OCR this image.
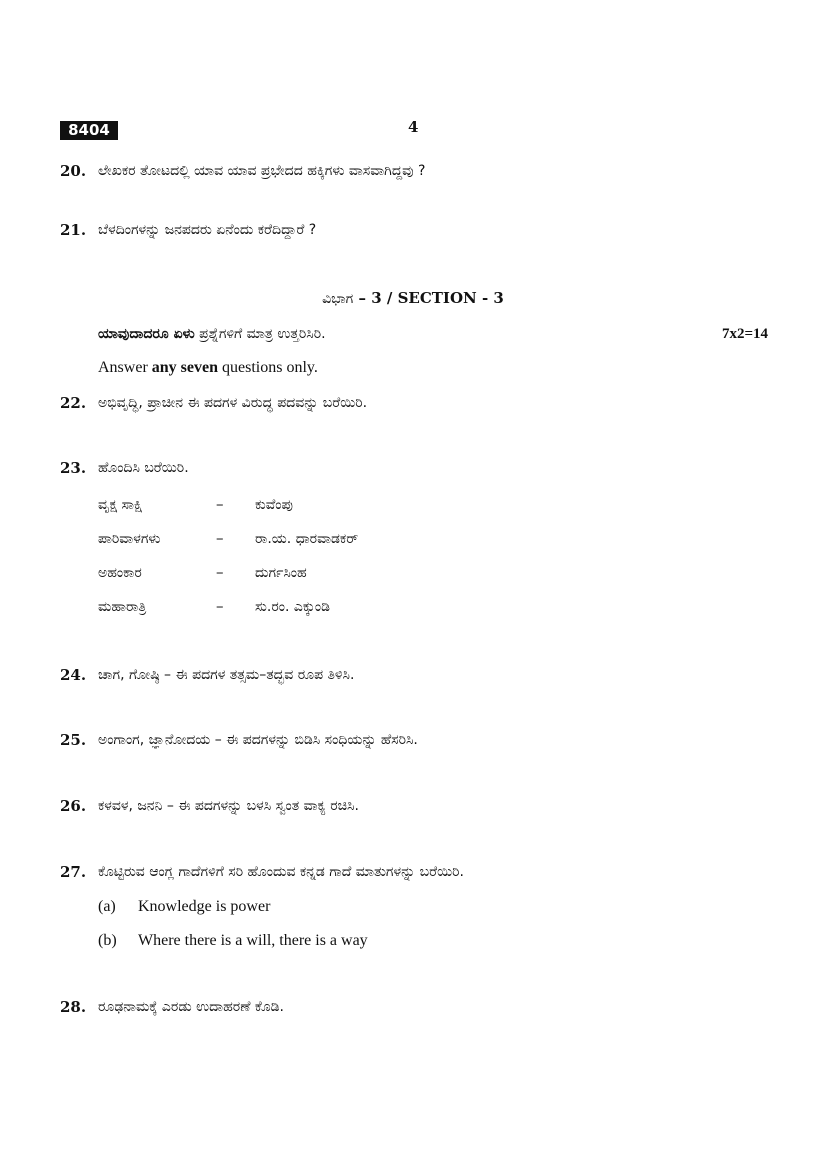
8404	4
20. ಲೇಖಕರ ತೋಟದಲ್ಲಿ ಯಾವ ಯಾವ ಪ್ರಭೇದದ ಹಕ್ಕಿಗಳು ವಾಸವಾಗಿದ್ದವು ?
21. ಬೆಳದಿಂಗಳನ್ನು ಜನಪದರು ಏನೆಂದು ಕರೆದಿದ್ದಾರೆ ?
ವಿಭಾಗ – 3 / SECTION - 3
ಯಾವುದಾದರೂ ಏಳು ಪ್ರಶ್ನೆಗಳಿಗೆ ಮಾತ್ರ ಉತ್ತರಿಸಿರಿ.	7x2=14
Answer any seven questions only.
22. ಅಭಿವೃದ್ಧಿ, ಪ್ರಾಚೀನ ಈ ಪದಗಳ ವಿರುದ್ಧ ಪದವನ್ನು ಬರೆಯಿರಿ.
23. ಹೊಂದಿಸಿ ಬರೆಯಿರಿ.
ವೃಕ್ಷ ಸಾಕ್ಷಿ	– ಕುವೆಂಪು
ಪಾರಿವಾಳಗಳು	– ರಾ.ಯ. ಧಾರವಾಡಕರ್
ಅಹಂಕಾರ	– ದುರ್ಗಸಿಂಹ
ಮಹಾರಾತ್ರಿ	– ಸು.ರಂ. ಎಕ್ಕುಂಡಿ
24. ಚಾಗ, ಗೋಷ್ಠಿ – ಈ ಪದಗಳ ತತ್ಸಮ–ತದ್ಭವ ರೂಪ ತಿಳಿಸಿ.
25. ಅಂಗಾಂಗ, ಜ್ಞಾನೋದಯ – ಈ ಪದಗಳನ್ನು ಬಿಡಿಸಿ ಸಂಧಿಯನ್ನು ಹೆಸರಿಸಿ.
26. ಕಳವಳ, ಜನನಿ – ಈ ಪದಗಳನ್ನು ಬಳಸಿ ಸ್ವಂತ ವಾಕ್ಯ ರಚಿಸಿ.
27. ಕೊಟ್ಟಿರುವ ಆಂಗ್ಲ ಗಾದೆಗಳಿಗೆ ಸರಿ ಹೊಂದುವ ಕನ್ನಡ ಗಾದೆ ಮಾತುಗಳನ್ನು ಬರೆಯಿರಿ.
(a) Knowledge is power
(b) Where there is a will, there is a way
28. ರೂಢನಾಮಕ್ಕೆ ಎರಡು ಉದಾಹರಣೆ ಕೊಡಿ.
